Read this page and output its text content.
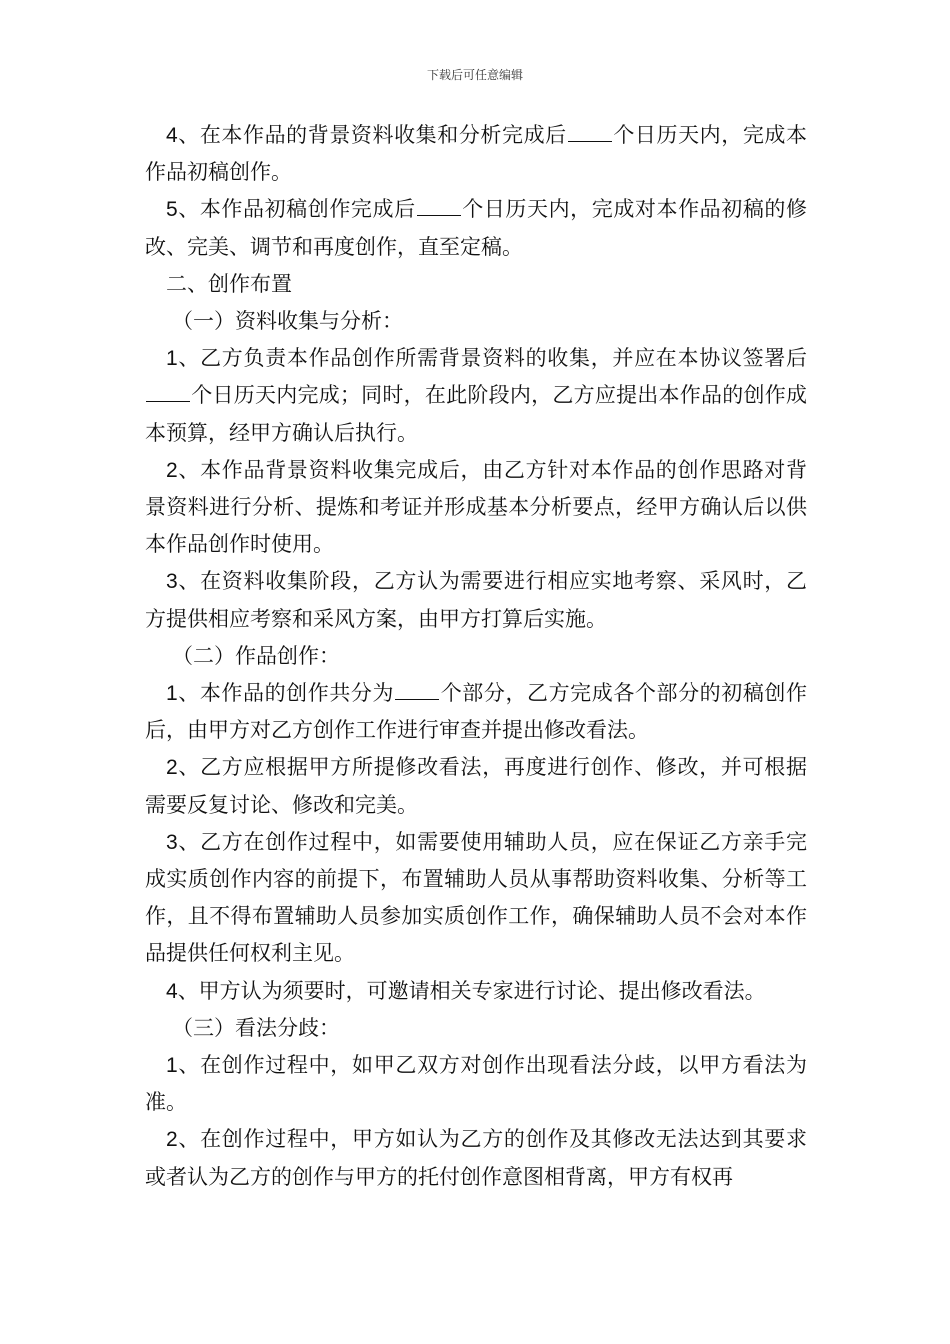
下载后可任意编辑

4、在本作品的背景资料收集和分析完成后 个日历天内，完成本作品初稿创作。

5、本作品初稿创作完成后 个日历天内，完成对本作品初稿的修改、完美、调节和再度创作，直至定稿。

二、创作布置

（一）资料收集与分析：

1、乙方负责本作品创作所需背景资料的收集，并应在本协议签署后个日历天内完成；同时，在此阶段内，乙方应提出本作品的创作成本预算，经甲方确认后执行。

2、本作品背景资料收集完成后，由乙方针对本作品的创作思路对背景资料进行分析、提炼和考证并形成基本分析要点，经甲方确认后以供本作品创作时使用。

3、在资料收集阶段，乙方认为需要进行相应实地考察、采风时，乙方提供相应考察和采风方案，由甲方打算后实施。

（二）作品创作：

1、本作品的创作共分为 个部分，乙方完成各个部分的初稿创作后，由甲方对乙方创作工作进行审查并提出修改看法。

2、乙方应根据甲方所提修改看法，再度进行创作、修改，并可根据需要反复讨论、修改和完美。

3、乙方在创作过程中，如需要使用辅助人员，应在保证乙方亲手完成实质创作内容的前提下，布置辅助人员从事帮助资料收集、分析等工作，且不得布置辅助人员参加实质创作工作，确保辅助人员不会对本作品提供任何权利主见。

4、甲方认为须要时，可邀请相关专家进行讨论、提出修改看法。

（三）看法分歧：

1、在创作过程中，如甲乙双方对创作出现看法分歧，以甲方看法为准。

2、在创作过程中，甲方如认为乙方的创作及其修改无法达到其要求或者认为乙方的创作与甲方的托付创作意图相背离，甲方有权再
